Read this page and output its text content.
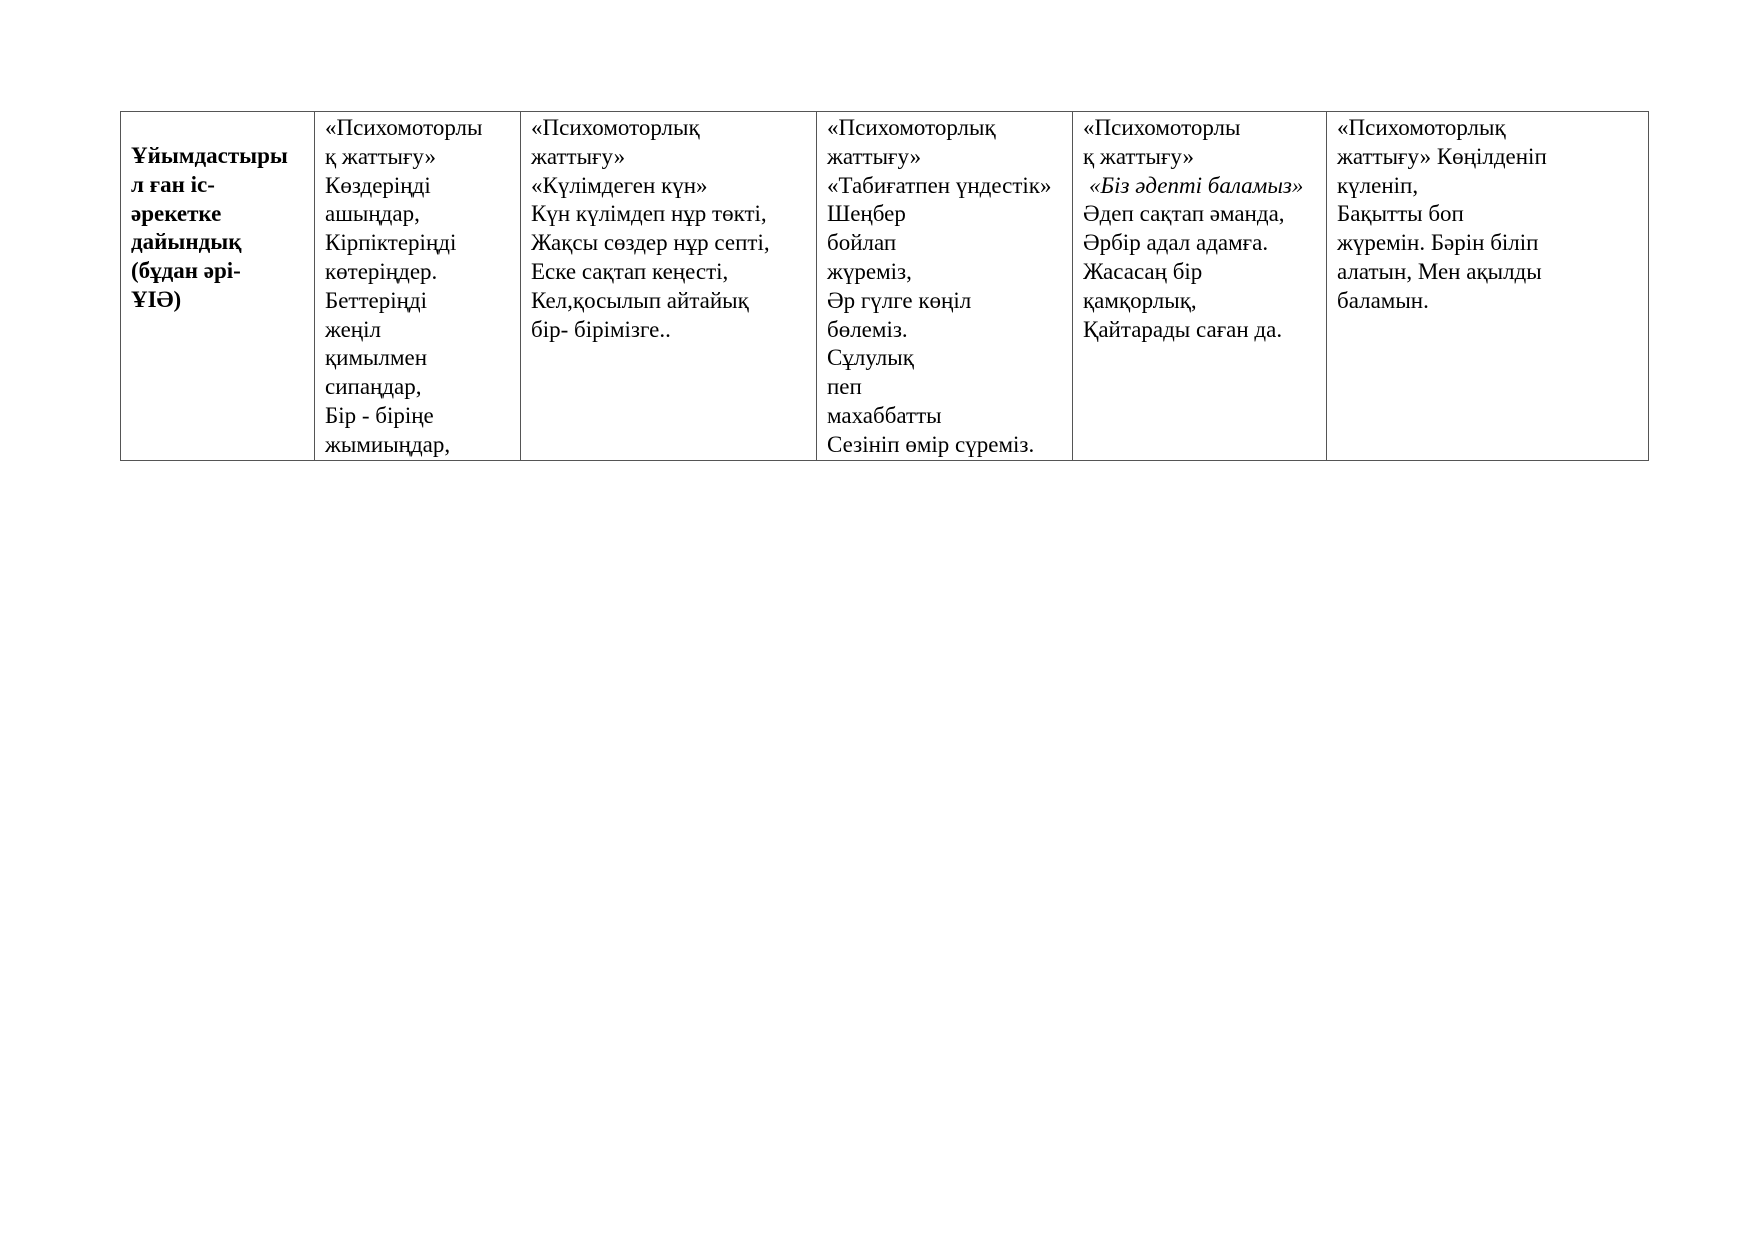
Ұйымдастыры
л ған іс-
әрекетке
дайындық
(бұдан әрі-
ҰІӘ)

«Психомоторлы
қ жаттығу»
Көздеріңді
ашыңдар,
Кірпіктеріңді
көтеріңдер.
Беттеріңді
жеңіл
қимылмен
сипаңдар,
Бір - біріңе
жымиыңдар,

«Психомоторлық
жаттығу»
«Күлімдеген күн»
Күн күлімдеп нұр төкті,
Жақсы сөздер нұр септі,
Еске сақтап кеңесті,
Кел,қосылып айтайық
бір- бірімізге..

«Психомоторлық
жаттығу»
«Табиғатпен үндестік»
Шеңбер
бойлап
жүреміз,
Әр гүлге көңіл
бөлеміз.
Сұлулық
пеп
махаббатты
Сезініп өмір сүреміз.

«Психомоторлы
қ жаттығу»
«Біз әдепті баламыз»
Әдеп сақтап әманда,
Әрбір адал адамға.
Жасасаң бір
қамқорлық,
Қайтарады саған да.

«Психомоторлық
жаттығу» Көңілденіп
күленіп,
Бақытты боп
жүремін. Бәрін біліп
алатын, Мен ақылды
баламын.
